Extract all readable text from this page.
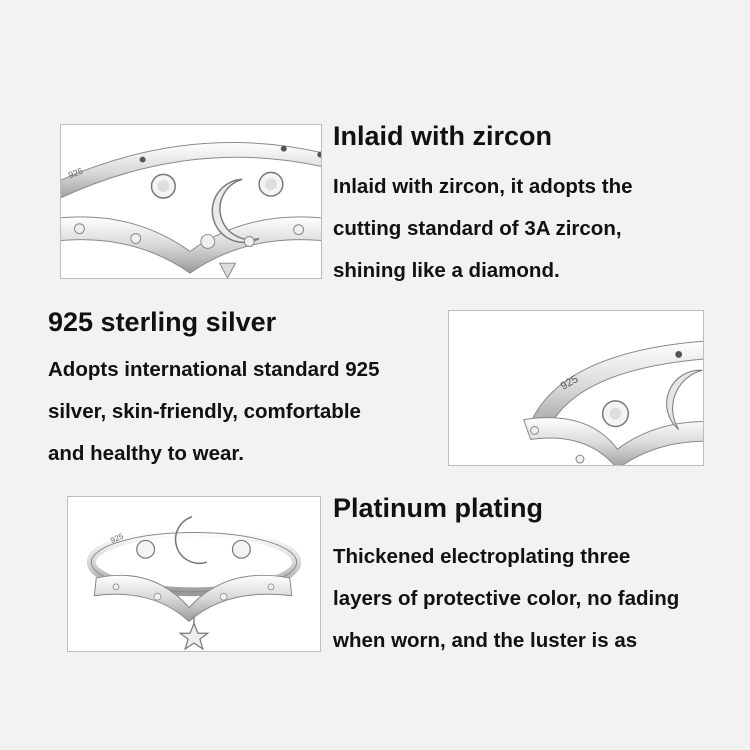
925
Inlaid with zircon
Inlaid with zircon, it adopts the
cutting standard of 3A zircon,
shining like a diamond.
925 sterling silver
Adopts international standard 925
silver, skin-friendly, comfortable
and healthy to wear.
925
925
Platinum plating
Thickened electroplating three
layers of protective color, no fading
when worn, and the luster is as
